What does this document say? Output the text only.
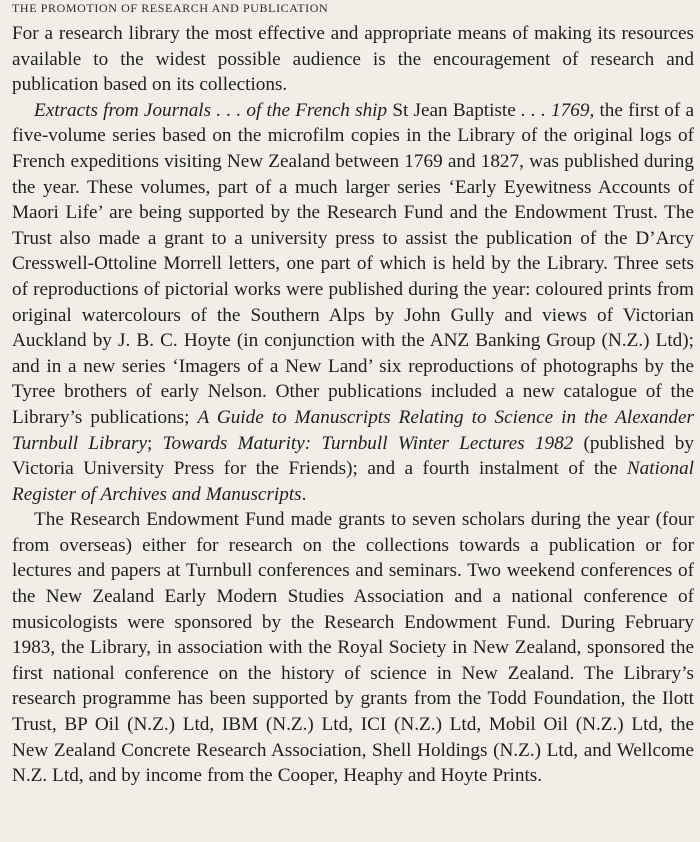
THE PROMOTION OF RESEARCH AND PUBLICATION

For a research library the most effective and appropriate means of making its resources available to the widest possible audience is the encouragement of research and publication based on its collections.

Extracts from Journals . . . of the French ship St Jean Baptiste . . . 1769, the first of a five-volume series based on the microfilm copies in the Library of the original logs of French expeditions visiting New Zealand between 1769 and 1827, was published during the year. These volumes, part of a much larger series ‘Early Eyewitness Accounts of Maori Life’ are being supported by the Research Fund and the Endowment Trust. The Trust also made a grant to a university press to assist the publication of the D’Arcy Cresswell-Ottoline Morrell letters, one part of which is held by the Library. Three sets of reproductions of pictorial works were published during the year: coloured prints from original watercolours of the Southern Alps by John Gully and views of Victorian Auckland by J. B. C. Hoyte (in conjunction with the ANZ Banking Group (N.Z.) Ltd); and in a new series ‘Imagers of a New Land’ six reproductions of photographs by the Tyree brothers of early Nelson. Other publications included a new catalogue of the Library’s publications; A Guide to Manuscripts Relating to Science in the Alexander Turnbull Library; Towards Maturity: Turnbull Winter Lectures 1982 (published by Victoria University Press for the Friends); and a fourth instalment of the National Register of Archives and Manuscripts.

The Research Endowment Fund made grants to seven scholars during the year (four from overseas) either for research on the collections towards a publication or for lectures and papers at Turnbull conferences and seminars. Two weekend conferences of the New Zealand Early Modern Studies Association and a national conference of musicologists were sponsored by the Research Endowment Fund. During February 1983, the Library, in association with the Royal Society in New Zealand, sponsored the first national conference on the history of science in New Zealand. The Library’s research programme has been supported by grants from the Todd Foundation, the Ilott Trust, BP Oil (N.Z.) Ltd, IBM (N.Z.) Ltd, ICI (N.Z.) Ltd, Mobil Oil (N.Z.) Ltd, the New Zealand Concrete Research Association, Shell Holdings (N.Z.) Ltd, and Wellcome N.Z. Ltd, and by income from the Cooper, Heaphy and Hoyte Prints.
